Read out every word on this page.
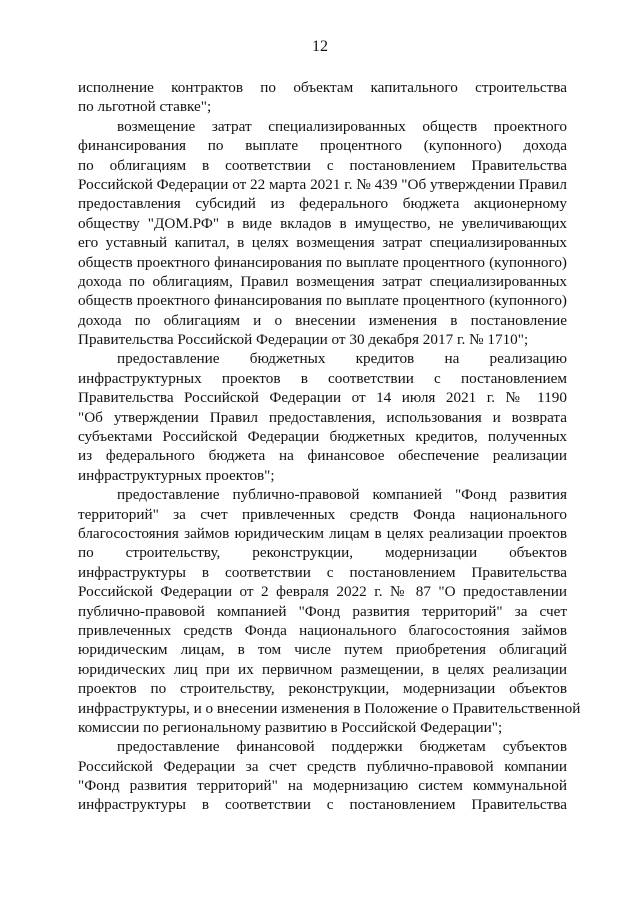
12
исполнение контрактов по объектам капитального строительства
по льготной ставке";
возмещение затрат специализированных обществ проектного
финансирования по выплате процентного (купонного) дохода
по облигациям в соответствии с постановлением Правительства
Российской Федерации от 22 марта 2021 г. № 439 "Об утверждении Правил
предоставления субсидий из федерального бюджета акционерному
обществу "ДОМ.РФ" в виде вкладов в имущество, не увеличивающих
его уставный капитал, в целях возмещения затрат специализированных
обществ проектного финансирования по выплате процентного (купонного)
дохода по облигациям, Правил возмещения затрат специализированных
обществ проектного финансирования по выплате процентного (купонного)
дохода по облигациям и о внесении изменения в постановление
Правительства Российской Федерации от 30 декабря 2017 г. № 1710";
предоставление бюджетных кредитов на реализацию
инфраструктурных проектов в соответствии с постановлением
Правительства Российской Федерации от 14 июля 2021 г. № 1190
"Об утверждении Правил предоставления, использования и возврата
субъектами Российской Федерации бюджетных кредитов, полученных
из федерального бюджета на финансовое обеспечение реализации
инфраструктурных проектов";
предоставление публично-правовой компанией "Фонд развития
территорий" за счет привлеченных средств Фонда национального
благосостояния займов юридическим лицам в целях реализации проектов
по строительству, реконструкции, модернизации объектов
инфраструктуры в соответствии с постановлением Правительства
Российской Федерации от 2 февраля 2022 г. № 87 "О предоставлении
публично-правовой компанией "Фонд развития территорий" за счет
привлеченных средств Фонда национального благосостояния займов
юридическим лицам, в том числе путем приобретения облигаций
юридических лиц при их первичном размещении, в целях реализации
проектов по строительству, реконструкции, модернизации объектов
инфраструктуры, и о внесении изменения в Положение о Правительственной
комиссии по региональному развитию в Российской Федерации";
предоставление финансовой поддержки бюджетам субъектов
Российской Федерации за счет средств публично-правовой компании
"Фонд развития территорий" на модернизацию систем коммунальной
инфраструктуры в соответствии с постановлением Правительства
